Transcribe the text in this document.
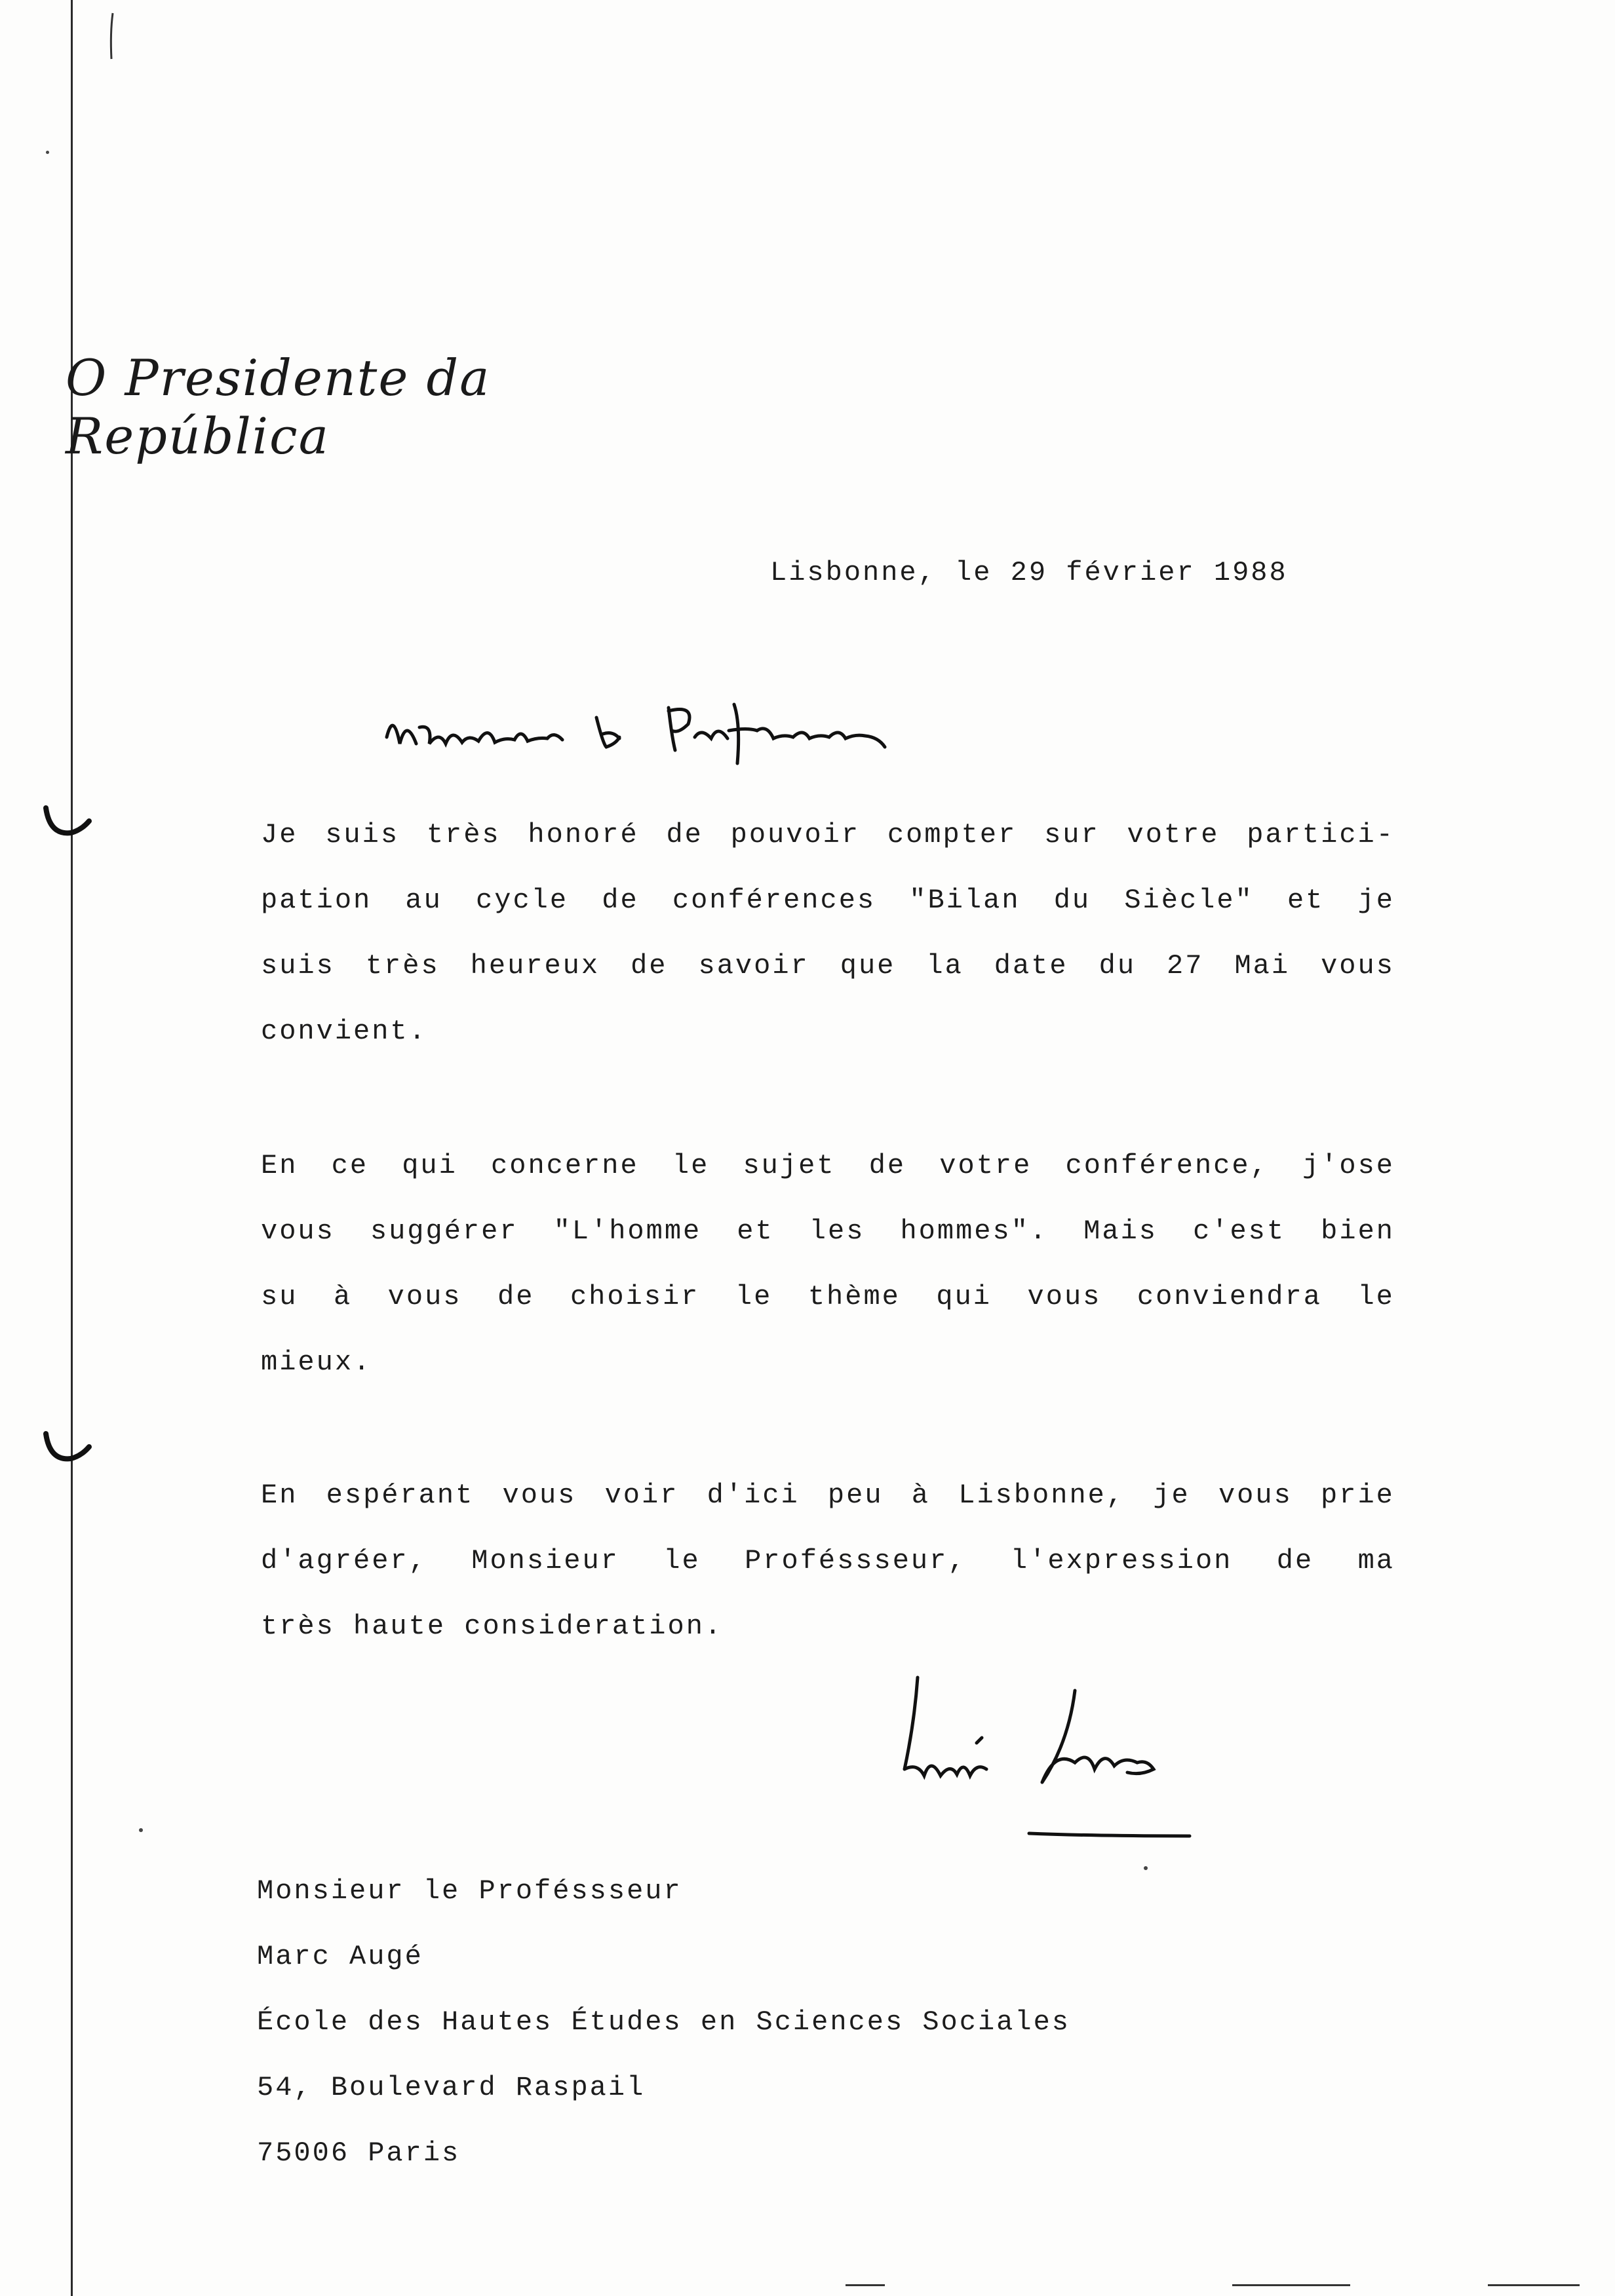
O Presidente da República
Lisbonne, le 29 février 1988
Je suis très honoré de pouvoir compter sur votre partici-
pation au cycle de conférences "Bilan du Siècle" et je
suis très heureux de savoir que la date du 27 Mai vous
convient.
En ce qui concerne le sujet de votre conférence, j'ose
vous suggérer "L'homme et les hommes". Mais c'est bien
su à vous de choisir le thème qui vous conviendra le
mieux.
En espérant vous voir d'ici peu à Lisbonne, je vous prie
d'agréer, Monsieur le Proféssseur, l'expression de ma
très haute consideration.
Monsieur le Proféssseur
Marc Augé
École des Hautes Études en Sciences Sociales
54, Boulevard Raspail
75006 Paris
